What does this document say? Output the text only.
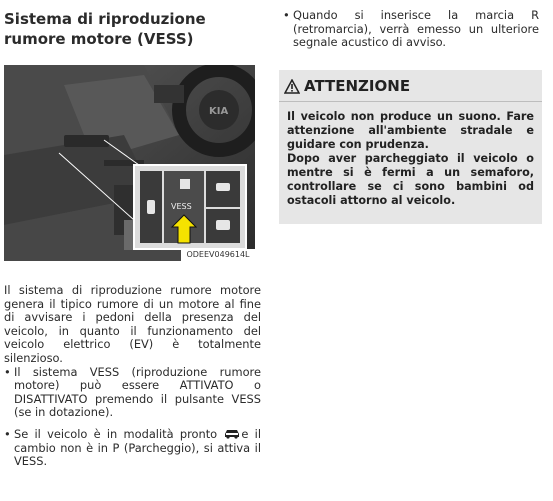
Sistema di riproduzione rumore motore (VESS)
KIA
VESS
ODEEV049614L

Il sistema di riproduzione rumore motore genera il tipico rumore di un motore al fine di avvisare i pedoni della presenza del veicolo, in quanto il funzionamento del veicolo elettrico (EV) è totalmente silenzioso.

• Il sistema VESS (riproduzione rumore motore) può essere ATTIVATO o DISATTIVATO premendo il pulsante VESS (se in dotazione).
• Se il veicolo è in modalità pronto e il cambio non è in P (Parcheggio), si attiva il VESS.
• Quando si inserisce la marcia R (retromarcia), verrà emesso un ulteriore segnale acustico di avviso.
ATTENZIONE

Il veicolo non produce un suono. Fare attenzione all'ambiente stradale e guidare con prudenza.

Dopo aver parcheggiato il veicolo o mentre si è fermi a un semaforo, controllare se ci sono bambini od ostacoli attorno al veicolo.
